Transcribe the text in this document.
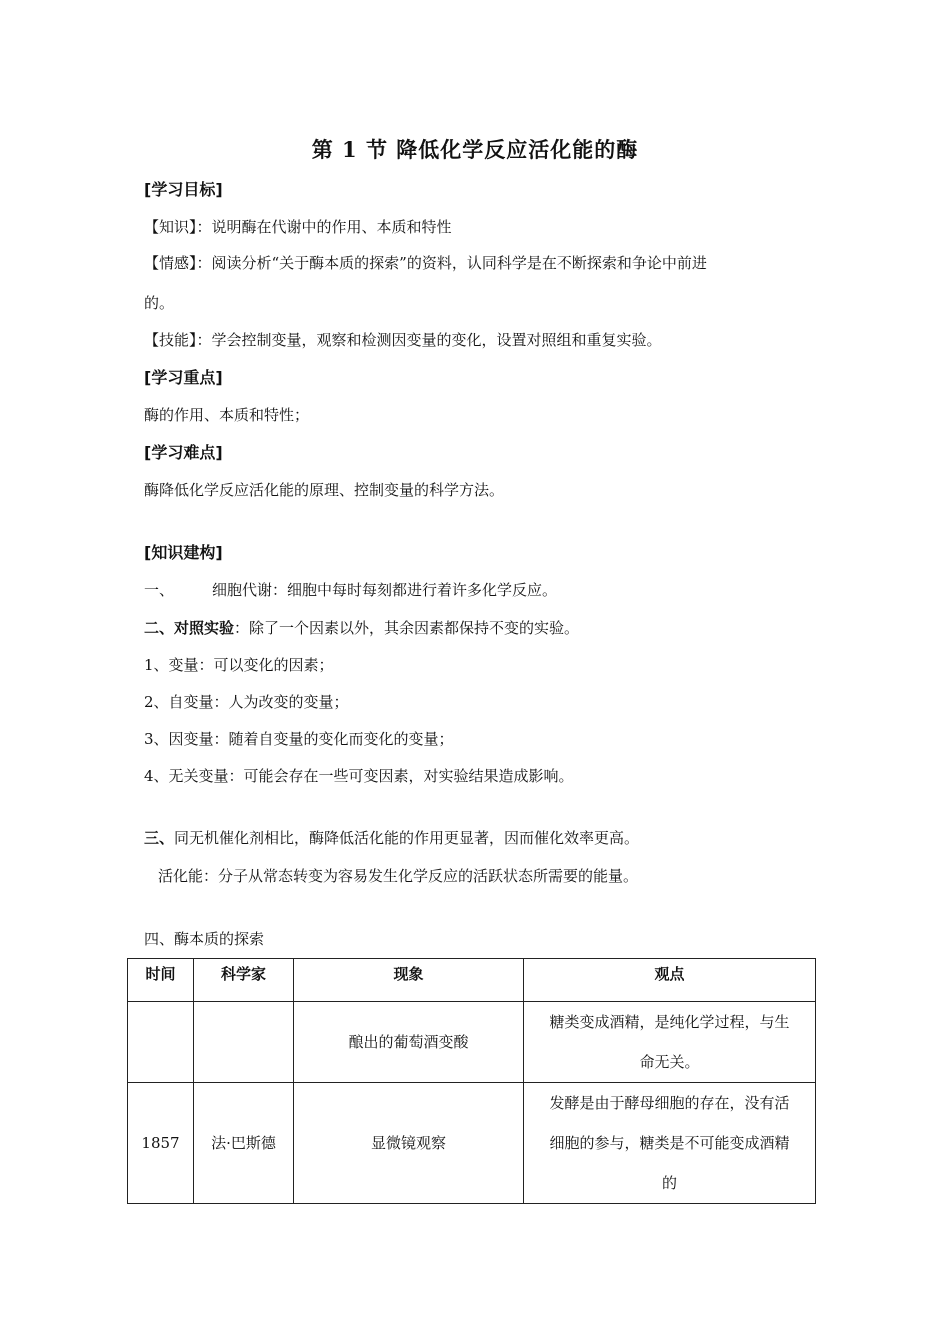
第 1 节 降低化学反应活化能的酶
[学习目标]
【知识】：说明酶在代谢中的作用、本质和特性
【情感】：阅读分析“关于酶本质的探索”的资料，认同科学是在不断探索和争论中前进
的。
【技能】：学会控制变量，观察和检测因变量的变化，设置对照组和重复实验。
[学习重点]
酶的作用、本质和特性；
[学习难点]
酶降低化学反应活化能的原理、控制变量的科学方法。
[知识建构]
一、	细胞代谢：细胞中每时每刻都进行着许多化学反应。
二、对照实验：除了一个因素以外，其余因素都保持不变的实验。
1、变量：可以变化的因素；
2、自变量：人为改变的变量；
3、因变量：随着自变量的变化而变化的变量；
4、无关变量：可能会存在一些可变因素，对实验结果造成影响。
三、同无机催化剂相比，酶降低活化能的作用更显著，因而催化效率更高。
活化能：分子从常态转变为容易发生化学反应的活跃状态所需要的能量。
四、酶本质的探索
时间	科学家	现象	观点
		酿出的葡萄酒变酸	糖类变成酒精，是纯化学过程，与生
命无关。

1857	法·巴斯德	显微镜观察	发酵是由于酵母细胞的存在，没有活
细胞的参与，糖类是不可能变成酒精
的
